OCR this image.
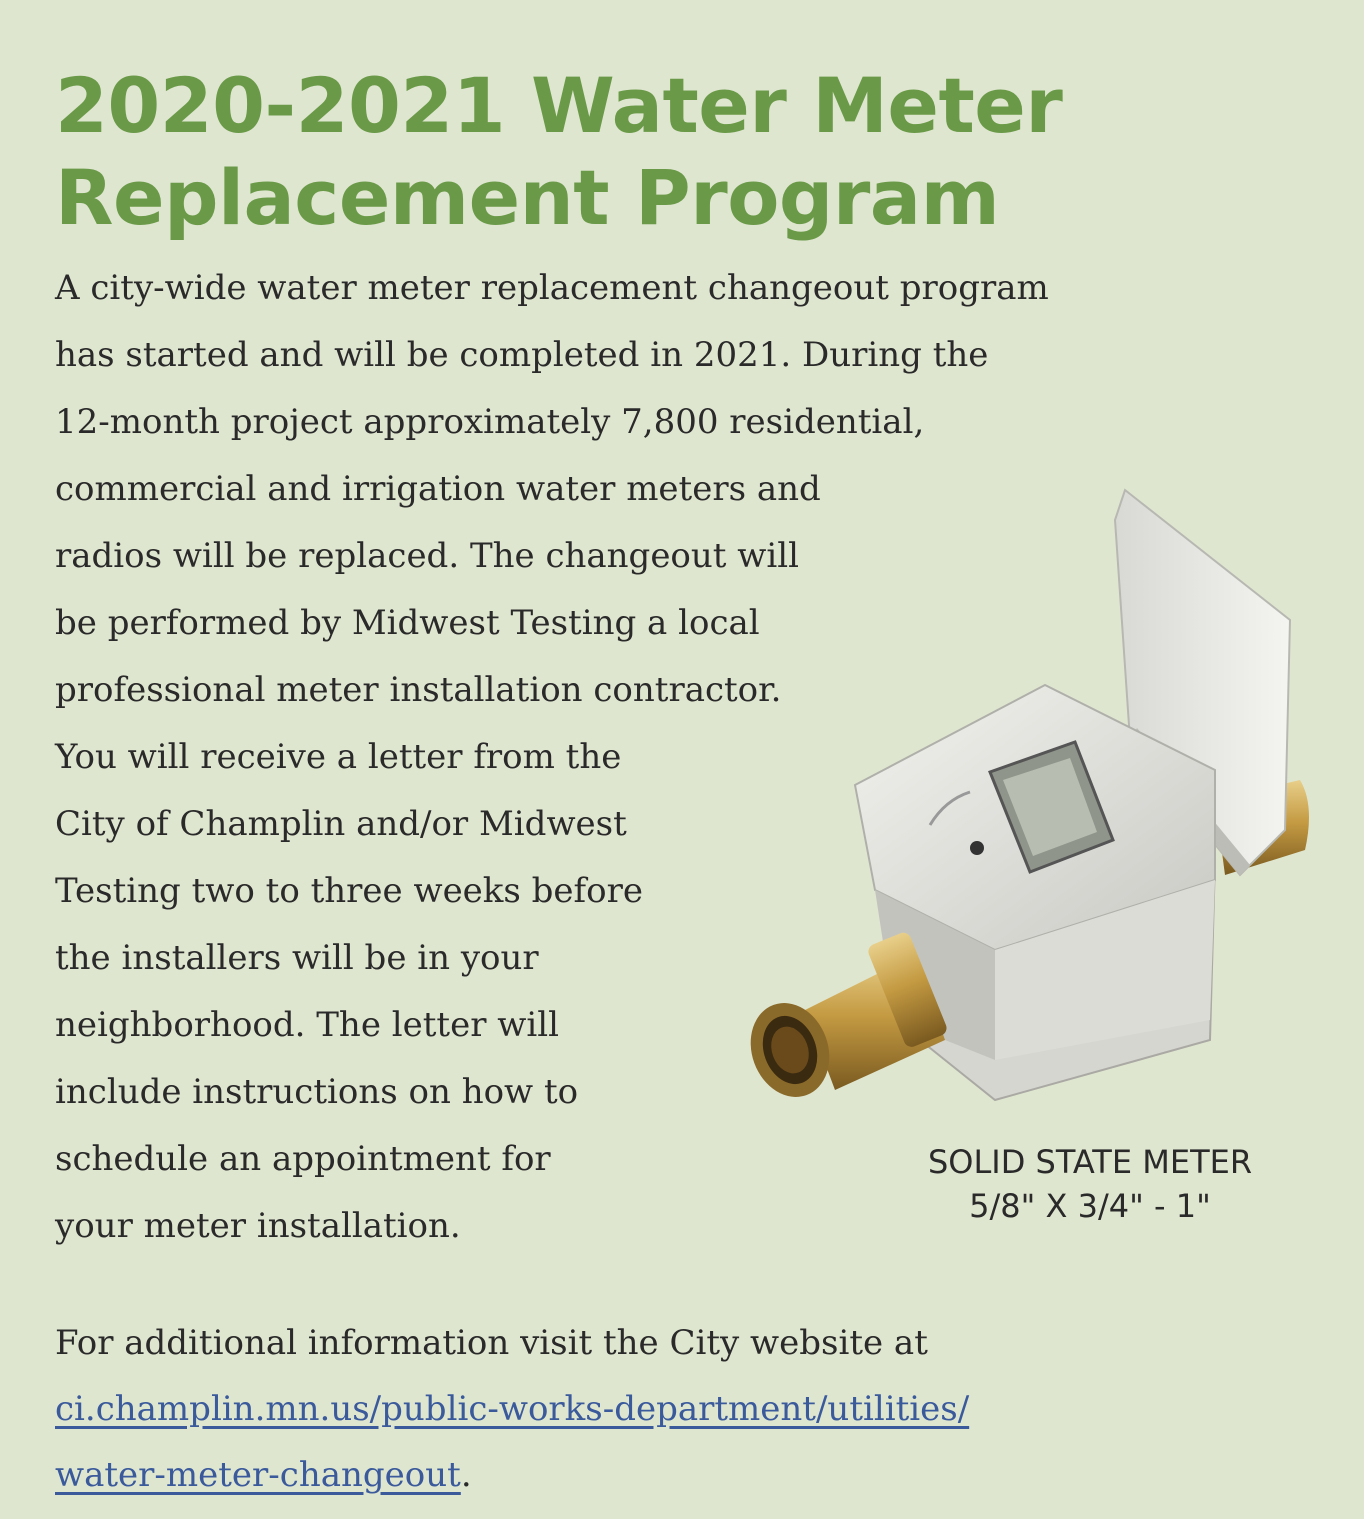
2020-2021 Water Meter
Replacement Program
A city-wide water meter replacement changeout program
has started and will be completed in 2021. During the
12-month project approximately 7,800 residential,
commercial and irrigation water meters and
radios will be replaced. The changeout will
be performed by Midwest Testing a local
professional meter installation contractor.
You will receive a letter from the
City of Champlin and/or Midwest
Testing two to three weeks before
the installers will be in your
neighborhood. The letter will
include instructions on how to
schedule an appointment for
your meter installation.
SOLID STATE METER
5/8" X 3/4" - 1"
For additional information visit the City website at
ci.champlin.mn.us/public-works-department/utilities/
water-meter-changeout.
